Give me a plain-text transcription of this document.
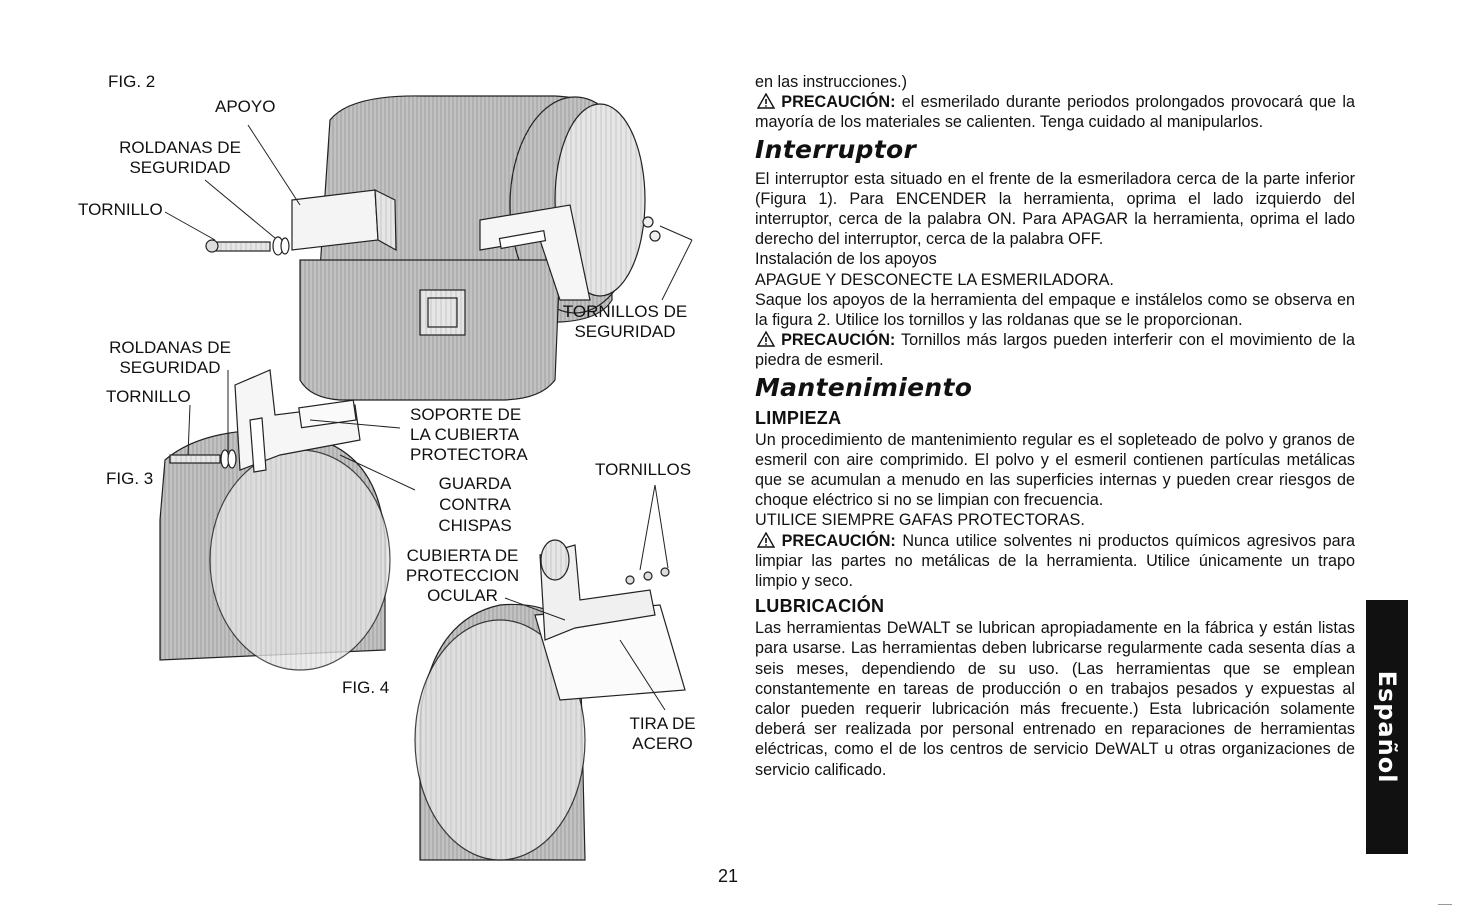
FIG. 2
APOYO
ROLDANAS DE
SEGURIDAD
TORNILLO
TORNILLOS DE
SEGURIDAD
ROLDANAS DE
SEGURIDAD
TORNILLO
FIG. 3
SOPORTE DE
LA CUBIERTA
PROTECTORA
GUARDA
CONTRA
CHISPAS
TORNILLOS
CUBIERTA DE
PROTECCION
OCULAR
FIG. 4
TIRA DE
ACERO

en las instrucciones.)

PRECAUCIÓN: el esmerilado durante periodos prolongados provocará que la mayoría de los materiales se calienten. Tenga cuidado al manipularlos.

Interruptor

El interruptor esta situado en el frente de la esmeriladora cerca de la parte inferior (Figura 1). Para ENCENDER la herramienta, oprima el lado izquierdo del interruptor, cerca de la palabra ON. Para APAGAR la herramienta, oprima el lado derecho del interruptor, cerca de la palabra OFF.

Instalación de los apoyos

APAGUE Y DESCONECTE LA ESMERILADORA.

Saque los apoyos de la herramienta del empaque e instálelos como se observa en la figura 2. Utilice los tornillos y las roldanas que se le proporcionan.

PRECAUCIÓN: Tornillos más largos pueden interferir con el movimiento de la piedra de esmeril.

Mantenimiento
LIMPIEZA

Un procedimiento de mantenimiento regular es el sopleteado de polvo y granos de esmeril con aire comprimido. El polvo y el esmeril contienen partículas metálicas que se acumulan a menudo en las superficies internas y pueden crear riesgos de choque eléctrico si no se limpian con frecuencia.

UTILICE SIEMPRE GAFAS PROTECTORAS.

PRECAUCIÓN: Nunca utilice solventes ni productos químicos agresivos para limpiar las partes no metálicas de la herramienta. Utilice únicamente un trapo limpio y seco.

LUBRICACIÓN

Las herramientas DeWALT se lubrican apropiadamente en la fábrica y están listas para usarse. Las herramientas deben lubricarse regularmente cada sesenta días a seis meses, dependiendo de su uso. (Las herramientas que se emplean constantemente en tareas de producción o en trabajos pesados y expuestas al calor pueden requerir lubricación más frecuente.) Esta lubricación solamente deberá ser realizada por personal entrenado en reparaciones de herramientas eléctricas, como el de los centros de servicio DeWALT u otras organizaciones de servicio calificado.	Español
21
